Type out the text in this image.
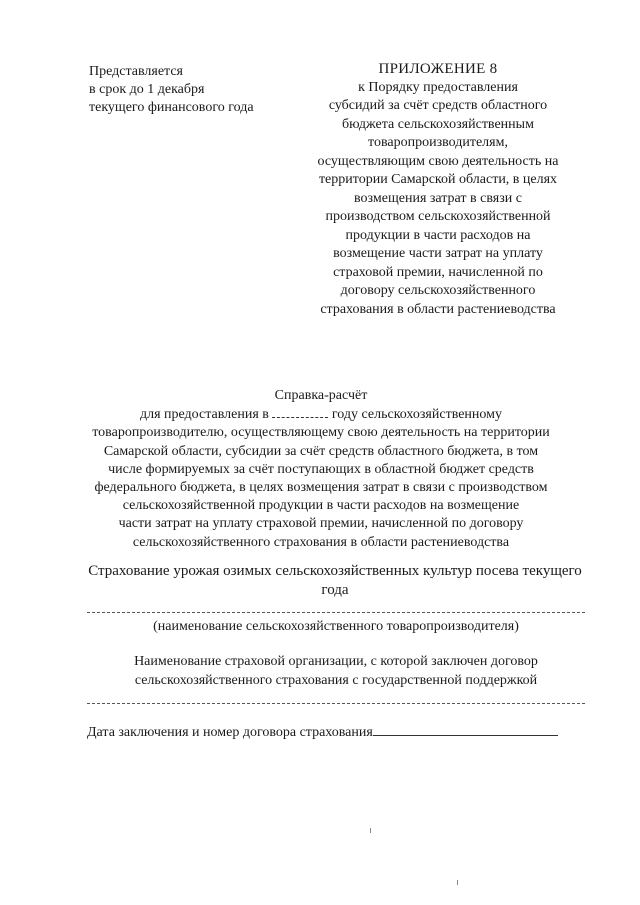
Представляется
в срок до 1 декабря
текущего финансового года
ПРИЛОЖЕНИЕ 8
к Порядку предоставления
субсидий за счёт средств областного
бюджета сельскохозяйственным
товаропроизводителям,
осуществляющим свою деятельность на
территории Самарской области, в целях
возмещения затрат в связи с
производством сельскохозяйственной
продукции в части расходов на
возмещение части затрат на уплату
страховой премии, начисленной по
договору сельскохозяйственного
страхования в области растениеводства
Справка-расчёт
для предоставления в	году сельскохозяйственному
товаропроизводителю, осуществляющему свою деятельность на территории
Самарской области, субсидии за счёт средств областного бюджета, в том
числе формируемых за счёт поступающих в областной бюджет средств
федерального бюджета, в целях возмещения затрат в связи с производством
сельскохозяйственной продукции в части расходов на возмещение
части затрат на уплату страховой премии, начисленной по договору
сельскохозяйственного страхования в области растениеводства
Страхование урожая озимых сельскохозяйственных культур посева текущего года
(наименование сельскохозяйственного товаропроизводителя)
Наименование страховой организации, с которой заключен договор сельскохозяйственного страхования с государственной поддержкой
Дата заключения и номер договора страхования
